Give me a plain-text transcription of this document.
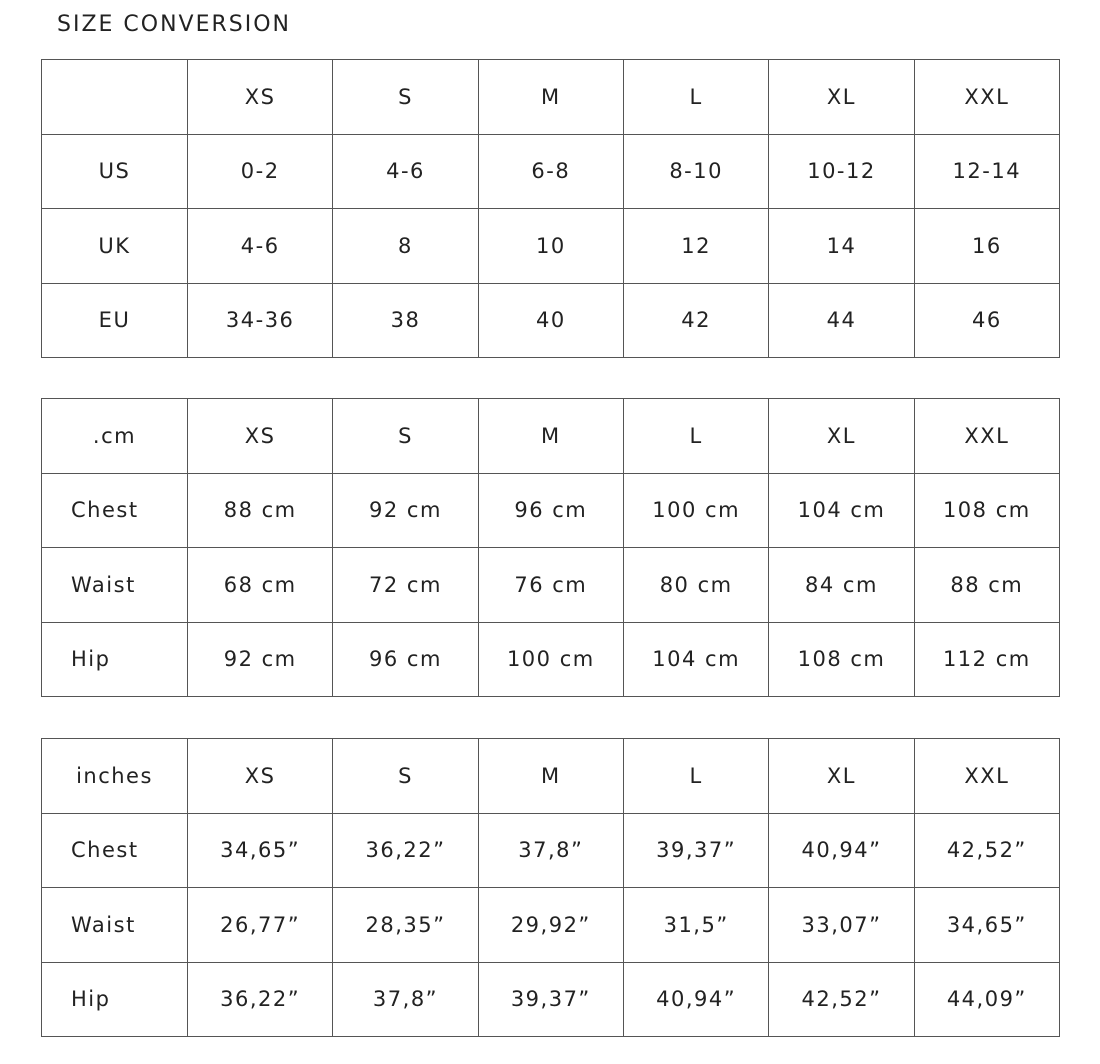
SIZE CONVERSION
	XS	S	M	L	XL	XXL
US	0-2	4-6	6-8	8-10	10-12	12-14
UK	4-6	8	10	12	14	16
EU	34-36	38	40	42	44	46
.cm	XS	S	M	L	XL	XXL
Chest	88 cm	92 cm	96 cm	100 cm	104 cm	108 cm
Waist	68 cm	72 cm	76 cm	80 cm	84 cm	88 cm
Hip	92 cm	96 cm	100 cm	104 cm	108 cm	112 cm
inches	XS	S	M	L	XL	XXL
Chest	34,65”	36,22”	37,8”	39,37”	40,94”	42,52”
Waist	26,77”	28,35”	29,92”	31,5”	33,07”	34,65”
Hip	36,22”	37,8”	39,37”	40,94”	42,52”	44,09”
